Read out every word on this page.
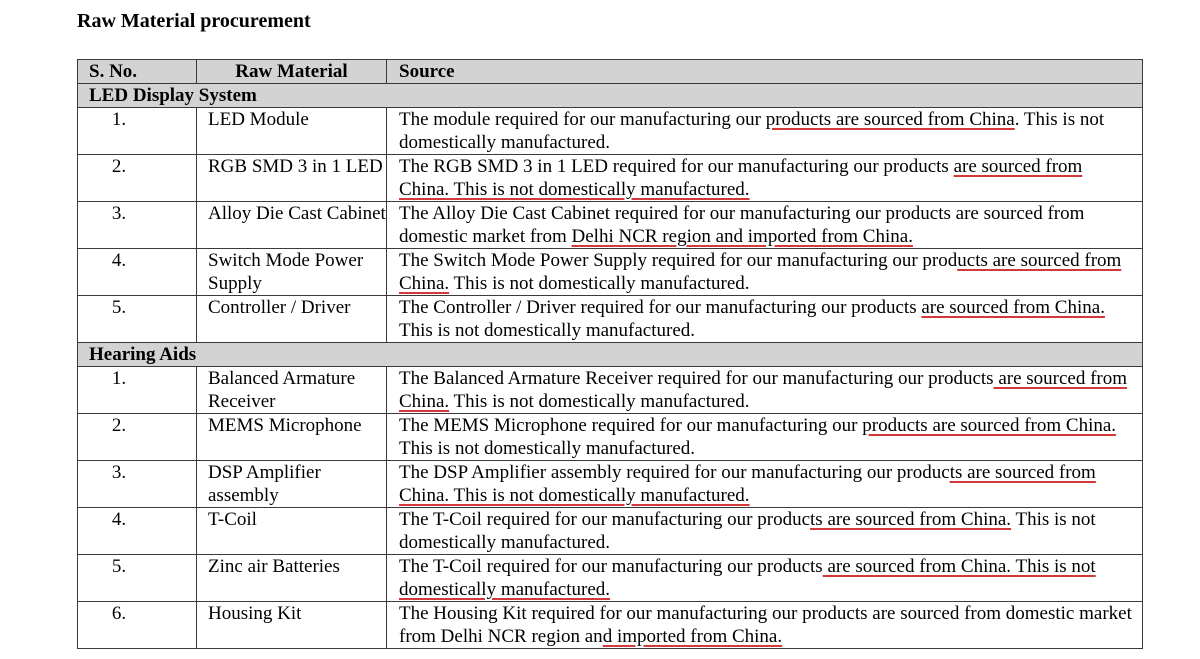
Raw Material procurement
S. No.	Raw Material	Source
LED Display System		
1.	LED Module	The module required for our manufacturing our products are sourced from China. This is not domestically manufactured.
2.	RGB SMD 3 in 1 LED	The RGB SMD 3 in 1 LED required for our manufacturing our products are sourced from China. This is not domestically manufactured.
3.	Alloy Die Cast Cabinet	The Alloy Die Cast Cabinet required for our manufacturing our products are sourced from domestic market from Delhi NCR region and imported from China.
4.	Switch Mode Power Supply	The Switch Mode Power Supply required for our manufacturing our products are sourced from China. This is not domestically manufactured.
5.	Controller / Driver	The Controller / Driver required for our manufacturing our products are sourced from China. This is not domestically manufactured.
Hearing Aids		
1.	Balanced Armature Receiver	The Balanced Armature Receiver required for our manufacturing our products are sourced from China. This is not domestically manufactured.
2.	MEMS Microphone	The MEMS Microphone required for our manufacturing our products are sourced from China. This is not domestically manufactured.
3.	DSP Amplifier assembly	The DSP Amplifier assembly required for our manufacturing our products are sourced from China. This is not domestically manufactured.
4.	T-Coil	The T-Coil required for our manufacturing our products are sourced from China. This is not domestically manufactured.
5.	Zinc air Batteries	The T-Coil required for our manufacturing our products are sourced from China. This is not domestically manufactured.
6.	Housing Kit	The Housing Kit required for our manufacturing our products are sourced from domestic market from Delhi NCR region and imported from China.
